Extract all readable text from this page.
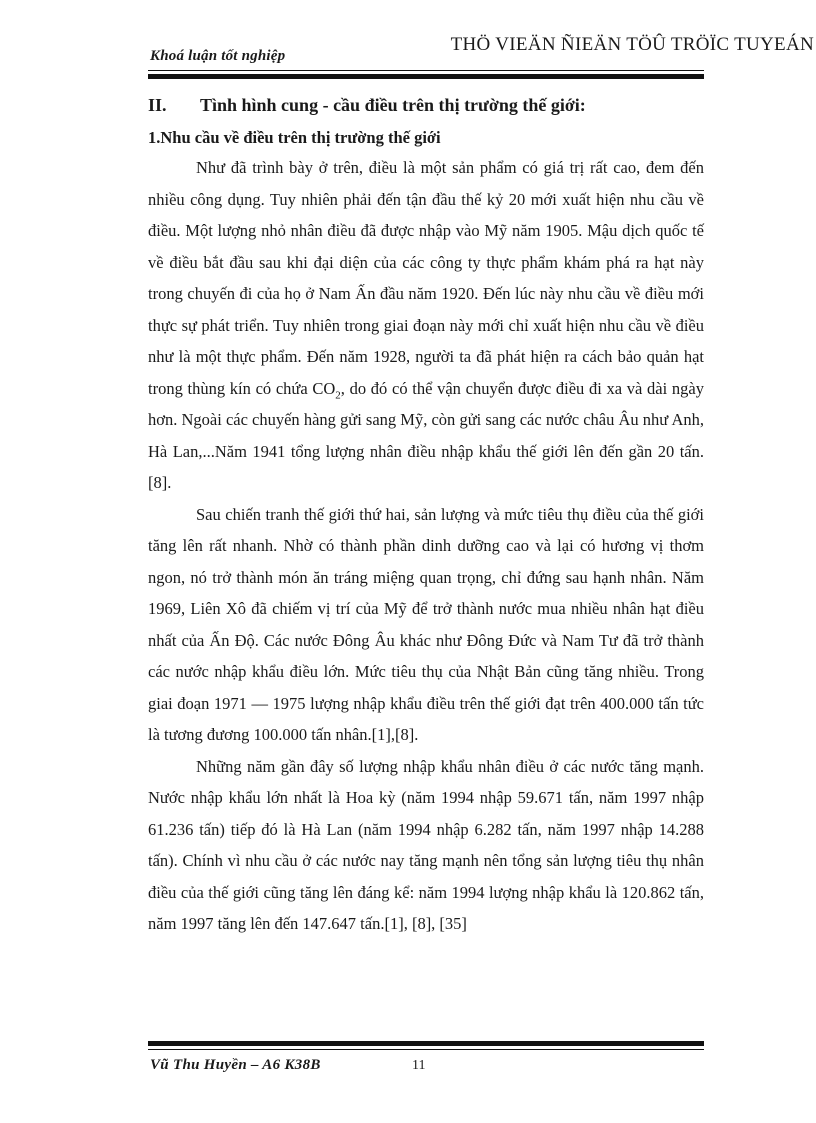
Khoá luận tốt nghiệp
THÖ VIEÄN ÑIEÄN TÖÛ TRÖÏC TUYEÁN

II. Tình hình cung - cầu điều trên thị trường thế giới:

1.Nhu cầu về điều trên thị trường thế giới

Như đã trình bày ở trên, điều là một sản phẩm có giá trị rất cao, đem đến nhiều công dụng. Tuy nhiên phải đến tận đầu thế kỷ 20 mới xuất hiện nhu cầu về điều. Một lượng nhỏ nhân điều đã được nhập vào Mỹ năm 1905. Mậu dịch quốc tế về điều bắt đầu sau khi đại diện của các công ty thực phẩm khám phá ra hạt này trong chuyến đi của họ ở Nam Ấn đầu năm 1920. Đến lúc này nhu cầu về điều mới thực sự phát triển. Tuy nhiên trong giai đoạn này mới chỉ xuất hiện nhu cầu về điều như là một thực phẩm. Đến năm 1928, người ta đã phát hiện ra cách bảo quản hạt trong thùng kín có chứa $CO_2$, do đó có thể vận chuyển được điều đi xa và dài ngày hơn. Ngoài các chuyến hàng gửi sang Mỹ, còn gửi sang các nước châu Âu như Anh, Hà Lan,...Năm 1941 tổng lượng nhân điều nhập khẩu thế giới lên đến gần 20 tấn.[8].

Sau chiến tranh thế giới thứ hai, sản lượng và mức tiêu thụ điều của thế giới tăng lên rất nhanh. Nhờ có thành phần dinh dưỡng cao và lại có hương vị thơm ngon, nó trở thành món ăn tráng miệng quan trọng, chỉ đứng sau hạnh nhân. Năm 1969, Liên Xô đã chiếm vị trí của Mỹ để trở thành nước mua nhiều nhân hạt điều nhất của Ấn Độ. Các nước Đông Âu khác như Đông Đức và Nam Tư đã trở thành các nước nhập khẩu điều lớn. Mức tiêu thụ của Nhật Bản cũng tăng nhiều. Trong giai đoạn 1971 — 1975 lượng nhập khẩu điều trên thế giới đạt trên 400.000 tấn tức là tương đương 100.000 tấn nhân.[1],[8].

Những năm gần đây số lượng nhập khẩu nhân điều ở các nước tăng mạnh. Nước nhập khẩu lớn nhất là Hoa kỳ (năm 1994 nhập 59.671 tấn, năm 1997 nhập 61.236 tấn) tiếp đó là Hà Lan (năm 1994 nhập 6.282 tấn, năm 1997 nhập 14.288 tấn). Chính vì nhu cầu ở các nước nay tăng mạnh nên tổng sản lượng tiêu thụ nhân điều của thế giới cũng tăng lên đáng kể: năm 1994 lượng nhập khẩu là 120.862 tấn, năm 1997 tăng lên đến 147.647 tấn.[1], [8], [35]

Vũ Thu Huyền – A6 K38B	11
